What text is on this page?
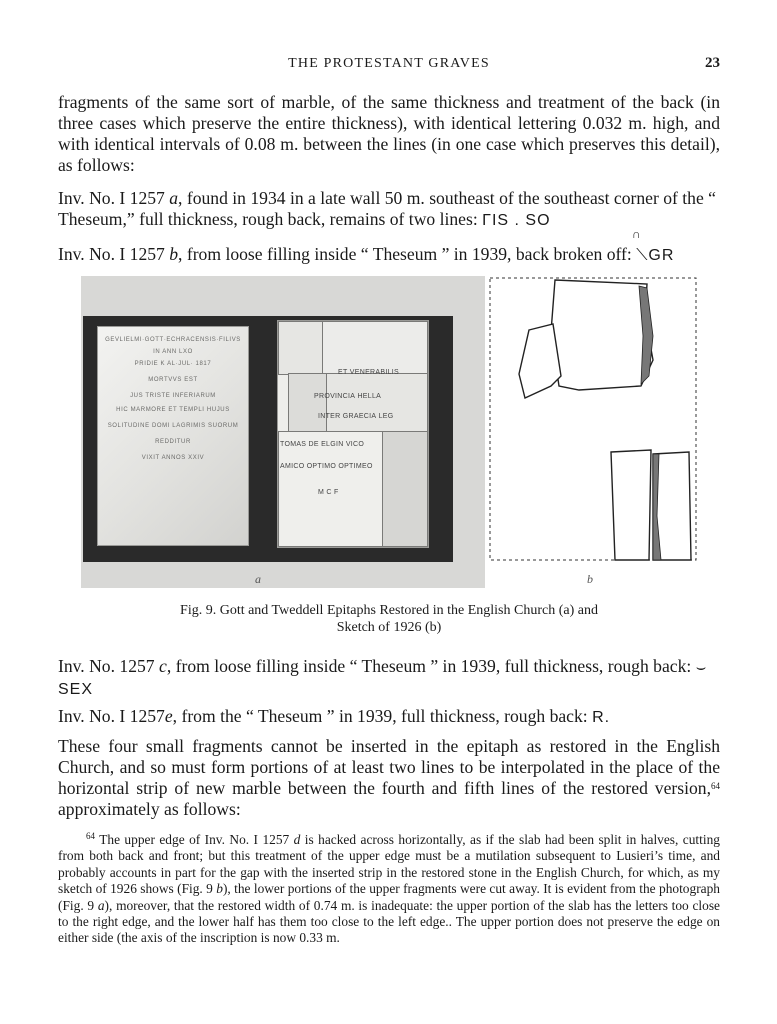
THE PROTESTANT GRAVES	23

fragments of the same sort of marble, of the same thickness and treatment of the back (in three cases which preserve the entire thickness), with identical lettering 0.032 m. high, and with identical intervals of 0.08 m. between the lines (in one case which preserves this detail), as follows:

Inv. No. I 1257 a, found in 1934 in a late wall 50 m. southeast of the southeast corner of the “ Theseum,” full thickness, rough back, remains of two lines: ΓIS . SO
∩
Inv. No. I 1257 b, from loose filling inside “ Theseum ” in 1939, back broken off: ⟍GR
GEVLIELMI·GOTT·ECHRACENSIS·FILIVS
IN ANN LXO
PRIDIE K AL·JUL· 1817
MORTVVS EST
JUS TRISTE INFERIARUM
HIC MARMORE ET TEMPLI HUJUS
SOLITUDINE DOMI LAGRIMIS SUORUM
REDDITUR
VIXIT ANNOS XXIV
ET VENERABILIS
PROVINCIA HELLA
INTER GRAECIA LEG
TOMAS DE ELGIN VICO
AMICO OPTIMO OPTIMEO
M C F
a	b
Fig. 9. Gott and Tweddell Epitaphs Restored in the English Church (a) and
Sketch of 1926 (b)
Inv. No. 1257 c, from loose filling inside “ Theseum ” in 1939, full thickness, rough back: ⌣ SEX
Inv. No. I 1257e, from the “ Theseum ” in 1939, full thickness, rough back: R.

These four small fragments cannot be inserted in the epitaph as restored in the English Church, and so must form portions of at least two lines to be interpolated in the place of the horizontal strip of new marble between the fourth and fifth lines of the restored version,$^{64}$ approximately as follows:

$^{64}$ The upper edge of Inv. No. I 1257 d is hacked across horizontally, as if the slab had been split in halves, cutting from both back and front; but this treatment of the upper edge must be a mutilation subsequent to Lusieri’s time, and probably accounts in part for the gap with the inserted strip in the restored stone in the English Church, for which, as my sketch of 1926 shows (Fig. 9 b), the lower portions of the upper fragments were cut away. It is evident from the photograph (Fig. 9 a), moreover, that the restored width of 0.74 m. is inadequate: the upper portion of the slab has the letters too close to the right edge, and the lower half has them too close to the left edge.. The upper portion does not preserve the edge on either side (the axis of the inscription is now 0.33 m.
